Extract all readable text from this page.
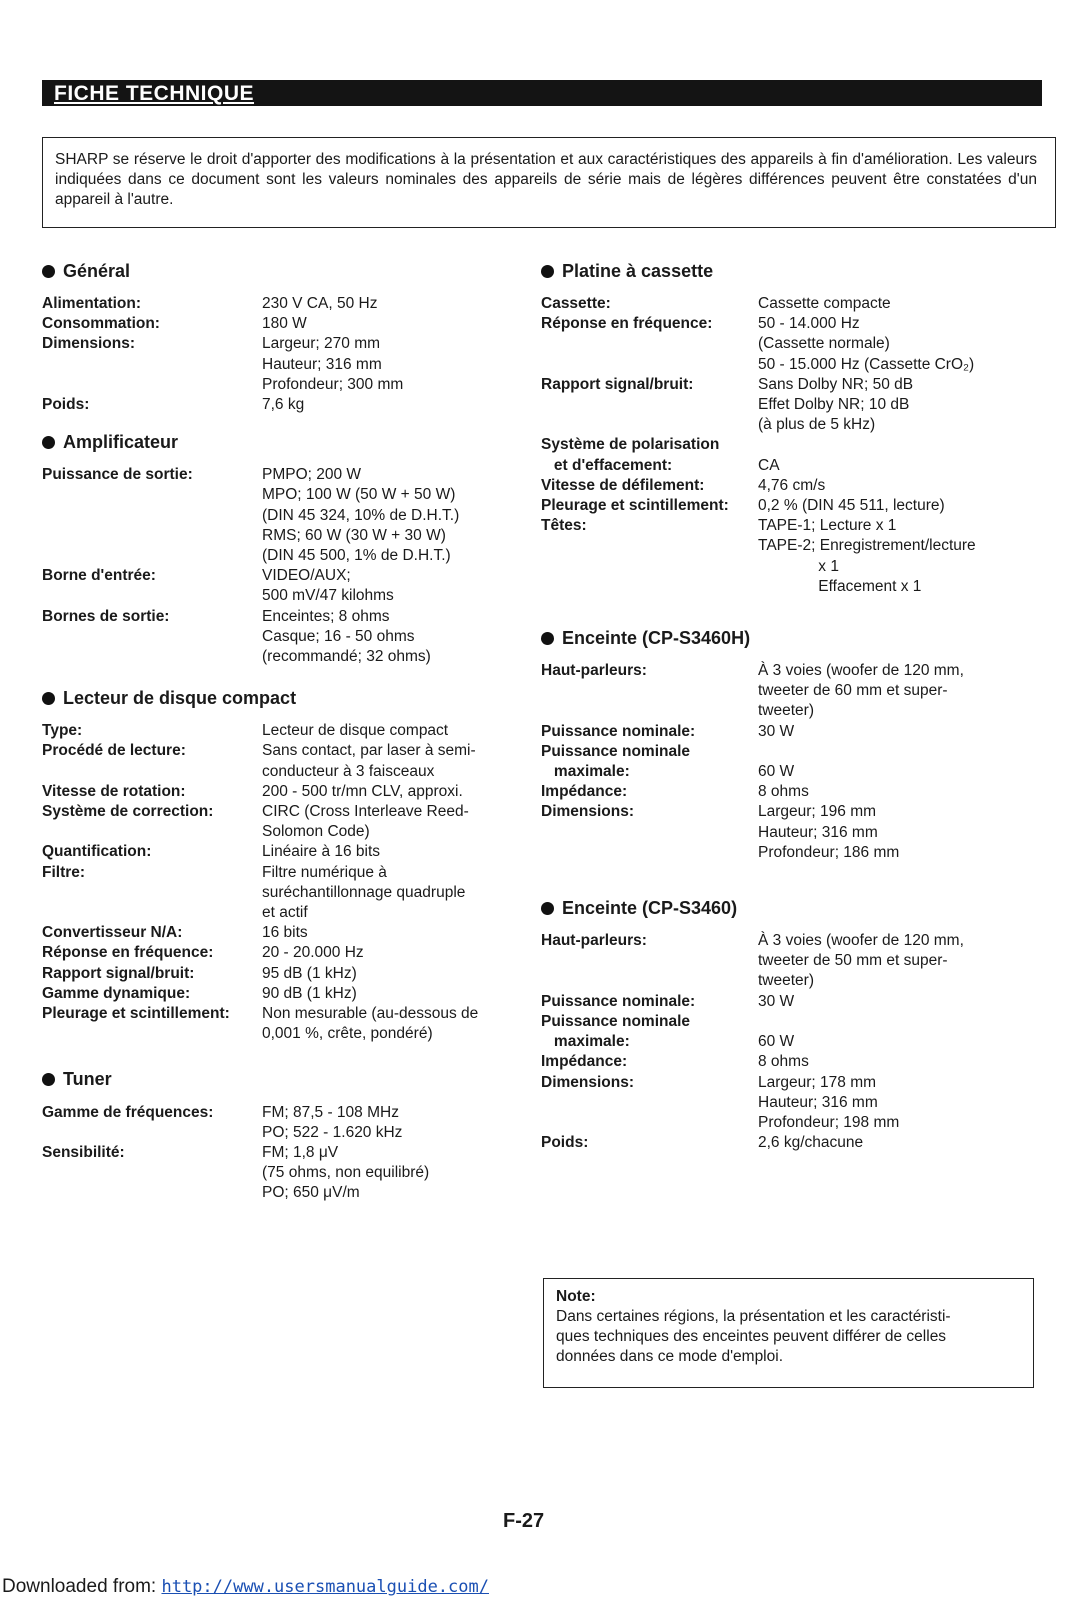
FICHE TECHNIQUE
SHARP se réserve le droit d'apporter des modifications à la présentation et aux caractéristiques des appareils à fin d'amélioration. Les valeurs indiquées dans ce document sont les valeurs nominales des appareils de série mais de légères différences peuvent être constatées d'un appareil à l'autre.
Général
Alimentation:	230 V CA, 50 Hz
Consommation:	180 W
Dimensions:	Largeur; 270 mm
Hauteur; 316 mm
Profondeur; 300 mm
Poids:	7,6 kg
Amplificateur
Puissance de sortie:	PMPO; 200 W
MPO; 100 W (50 W + 50 W)
(DIN 45 324, 10% de D.H.T.)
RMS; 60 W (30 W + 30 W)
(DIN 45 500, 1% de D.H.T.)
Borne d'entrée:	VIDEO/AUX;
500 mV/47 kilohms
Bornes de sortie:	Enceintes; 8 ohms
Casque; 16 - 50 ohms
(recommandé; 32 ohms)
Lecteur de disque compact
Type:	Lecteur de disque compact
Procédé de lecture:	Sans contact, par laser à semi-
conducteur à 3 faisceaux
Vitesse de rotation:	200 - 500 tr/mn CLV, approxi.
Système de correction:	CIRC (Cross Interleave Reed-
Solomon Code)
Quantification:	Linéaire à 16 bits
Filtre:	Filtre numérique à
suréchantillonnage quadruple
et actif
Convertisseur N/A:	16 bits
Réponse en fréquence:	20 - 20.000 Hz
Rapport signal/bruit:	95 dB (1 kHz)
Gamme dynamique:	90 dB (1 kHz)
Pleurage et scintillement:	Non mesurable (au-dessous de
0,001 %, crête, pondéré)
Tuner
Gamme de fréquences:	FM; 87,5 - 108 MHz
PO; 522 - 1.620 kHz
Sensibilité:	FM; 1,8 μV
(75 ohms, non equilibré)
PO; 650 μV/m
Platine à cassette
Cassette:	Cassette compacte
Réponse en fréquence:	50 - 14.000 Hz
(Cassette normale)
50 - 15.000 Hz (Cassette CrO₂)
Rapport signal/bruit:	Sans Dolby NR; 50 dB
Effet Dolby NR; 10 dB
(à plus de 5 kHz)
Système de polarisation
et d'effacement:
	CA
Vitesse de défilement:	4,76 cm/s
Pleurage et scintillement:	0,2 % (DIN 45 511, lecture)
Têtes:	TAPE-1; Lecture x 1
TAPE-2; Enregistrement/lecture
x 1
Effacement x 1
Enceinte (CP-S3460H)
Haut-parleurs:	À 3 voies (woofer de 120 mm,
tweeter de 60 mm et super-
tweeter)
Puissance nominale:	30 W
Puissance nominale
maximale:
	60 W
Impédance:	8 ohms
Dimensions:	Largeur; 196 mm
Hauteur; 316 mm
Profondeur; 186 mm
Enceinte (CP-S3460)
Haut-parleurs:	À 3 voies (woofer de 120 mm,
tweeter de 50 mm et super-
tweeter)
Puissance nominale:	30 W
Puissance nominale
maximale:
	60 W
Impédance:	8 ohms
Dimensions:	Largeur; 178 mm
Hauteur; 316 mm
Profondeur; 198 mm
Poids:	2,6 kg/chacune
Note:
Dans certaines régions, la présentation et les caractéristi-
ques techniques des enceintes peuvent différer de celles
données dans ce mode d'emploi.
F-27
Downloaded from: http://www.usersmanualguide.com/
